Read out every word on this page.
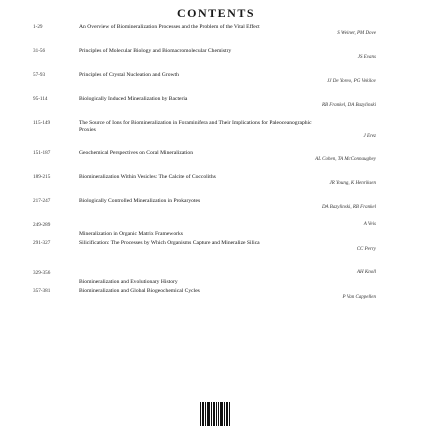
CONTENTS
1-29	An Overview of Biomineralization Processes and the Problem of the Vital Effect
S Weiner, PM Dove
31-56	Principles of Molecular Biology and Biomacromolecular Chemistry
JS Evans
57-93	Principles of Crystal Nucleation and Growth
JJ De Yoreo, PG Vekilov
95-114	Biologically Induced Mineralization by Bacteria
RB Frankel, DA Bazylinski
115-149	The Source of Ions for Biomineralization in Foraminifera and Their Implications for Paleoceanographic Proxies
J Erez
151-187	Geochemical Perspectives on Coral Mineralization
AL Cohen, TA McConnaughey
189-215	Biomineralization Within Vesicles: The Calcite of Coccoliths
JR Young, K Henriksen
217-247	Biologically Controlled Mineralization in Prokaryotes
DA Bazylinski, RB Frankel
249-289
Mineralization in Organic Matrix Frameworks
A Veis
291-327	Silicification: The Processes by Which Organisms Capture and Mineralize Silica
CC Perry
329-356
Biomineralization and Evolutionary History
AH Knoll
357-381	Biomineralization and Global Biogeochemical Cycles
P Van Cappellen
